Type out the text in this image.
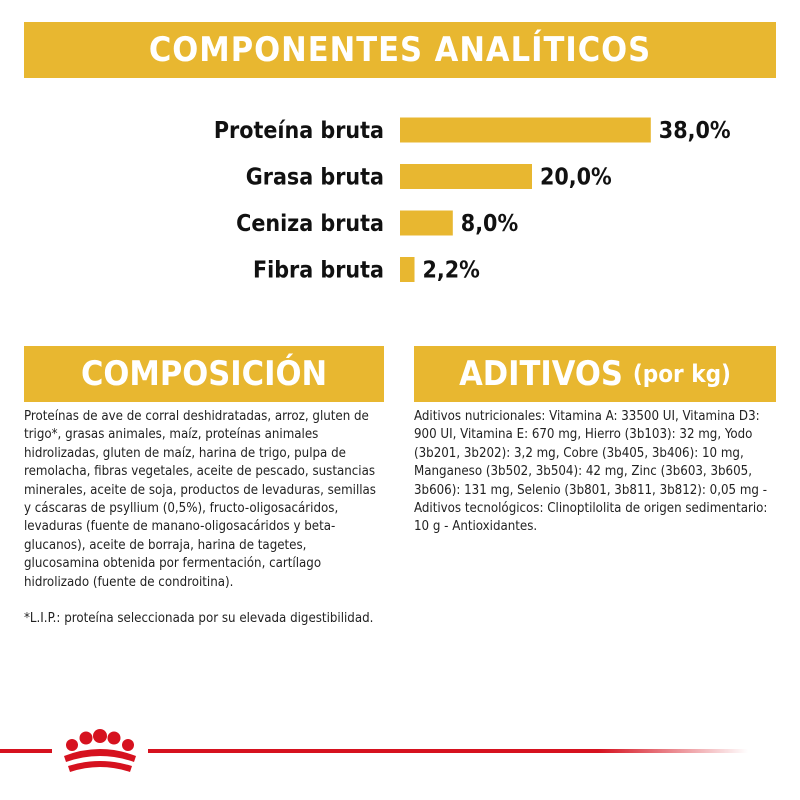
COMPONENTES ANALÍTICOS
Proteína bruta	38,0%
Grasa bruta	20,0%
Ceniza bruta	8,0%
Fibra bruta 2,2%
COMPOSICIÓN

Proteínas de ave de corral deshidratadas, arroz, gluten de trigo*, grasas animales, maíz, proteínas animales hidrolizadas, gluten de maíz, harina de trigo, pulpa de remolacha, fibras vegetales, aceite de pescado, sustancias minerales, aceite de soja, productos de levaduras, semillas y cáscaras de psyllium (0,5%), fructo-oligosacáridos, levaduras (fuente de manano-oligosacáridos y beta-glucanos), aceite de borraja, harina de tagetes, glucosamina obtenida por fermentación, cartílago hidrolizado (fuente de condroitina).

*L.I.P.: proteína seleccionada por su elevada digestibilidad.

ADITIVOS (por kg)

Aditivos nutricionales: Vitamina A: 33500 UI, Vitamina D3: 900 UI, Vitamina E: 670 mg, Hierro (3b103): 32 mg, Yodo (3b201, 3b202): 3,2 mg, Cobre (3b405, 3b406): 10 mg, Manganeso (3b502, 3b504): 42 mg, Zinc (3b603, 3b605, 3b606): 131 mg, Selenio (3b801, 3b811, 3b812): 0,05 mg - Aditivos tecnológicos: Clinoptilolita de origen sedimentario: 10 g - Antioxidantes.
